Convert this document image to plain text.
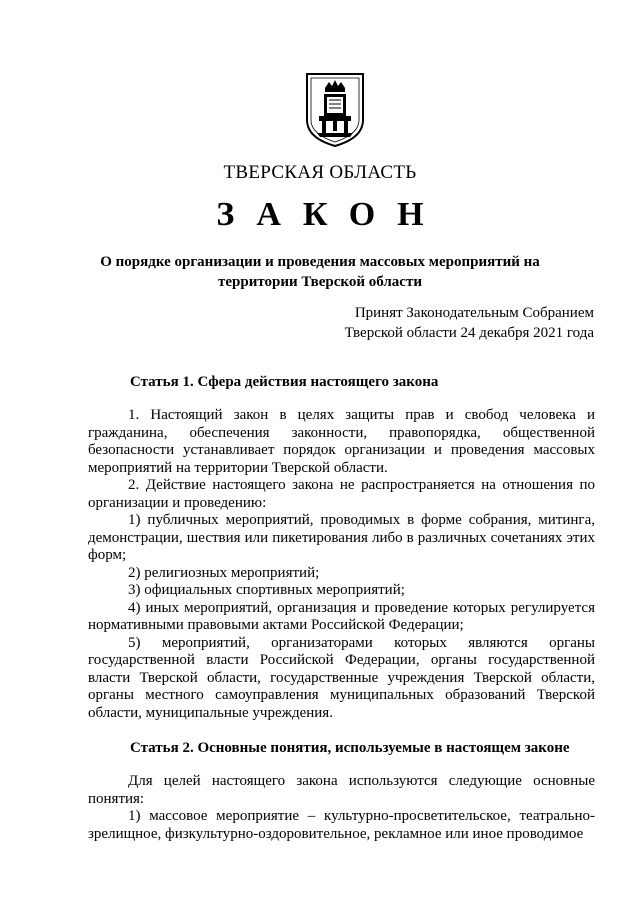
ТВЕРСКАЯ ОБЛАСТЬ
ЗАКОН
О порядке организации и проведения массовых мероприятий на территории Тверской области
Принят Законодательным Собранием
Тверской области 24 декабря 2021 года
Статья 1. Сфера действия настоящего закона

1. Настоящий закон в целях защиты прав и свобод человека и гражданина, обеспечения законности, правопорядка, общественной безопасности устанавливает порядок организации и проведения массовых мероприятий на территории Тверской области.

2. Действие настоящего закона не распространяется на отношения по организации и проведению:

1) публичных мероприятий, проводимых в форме собрания, митинга, демонстрации, шествия или пикетирования либо в различных сочетаниях этих форм;

2) религиозных мероприятий;

3) официальных спортивных мероприятий;

4) иных мероприятий, организация и проведение которых регулируется нормативными правовыми актами Российской Федерации;

5) мероприятий, организаторами которых являются органы государственной власти Российской Федерации, органы государственной власти Тверской области, государственные учреждения Тверской области, органы местного самоуправления муниципальных образований Тверской области, муниципальные учреждения.

Статья 2. Основные понятия, используемые в настоящем законе

Для целей настоящего закона используются следующие основные понятия:

1) массовое мероприятие – культурно-просветительское, театрально-зрелищное, физкультурно-оздоровительное, рекламное или иное проводимое
